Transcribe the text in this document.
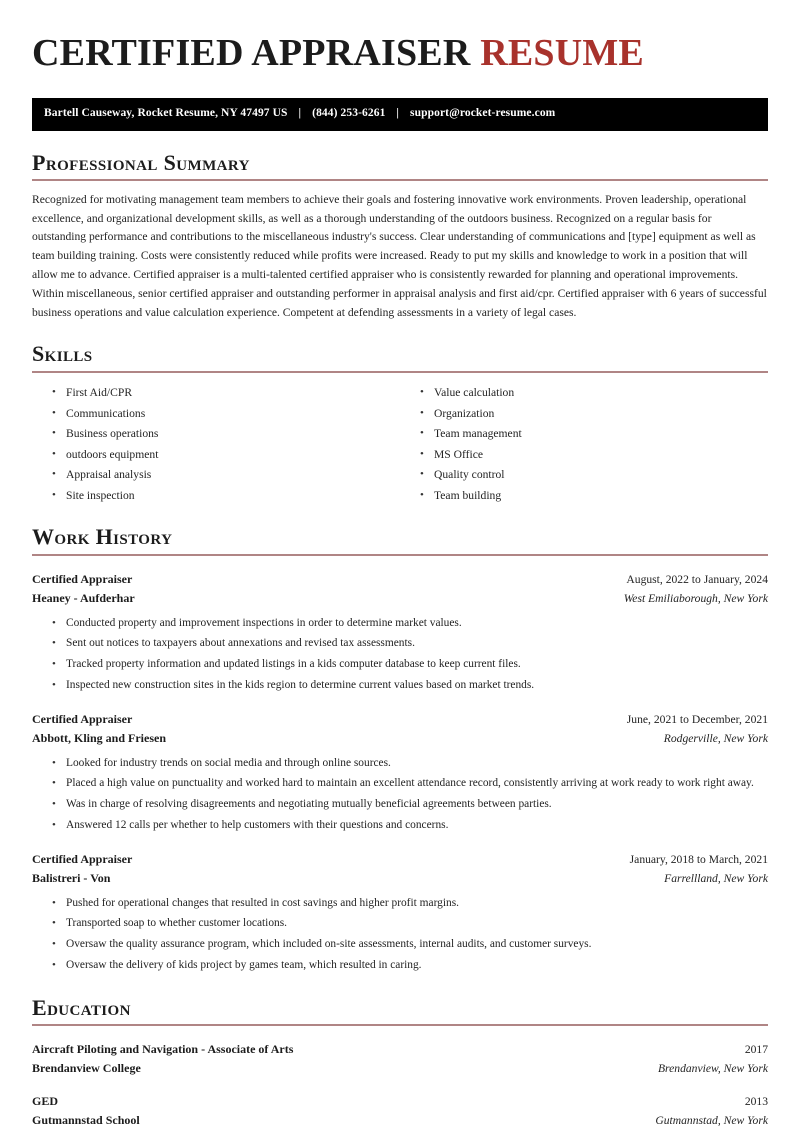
CERTIFIED APPRAISER RESUME
Bartell Causeway, Rocket Resume, NY 47497 US | (844) 253-6261 | support@rocket-resume.com
Professional Summary

Recognized for motivating management team members to achieve their goals and fostering innovative work environments. Proven leadership, operational excellence, and organizational development skills, as well as a thorough understanding of the outdoors business. Recognized on a regular basis for outstanding performance and contributions to the miscellaneous industry's success. Clear understanding of communications and [type] equipment as well as team building training. Costs were consistently reduced while profits were increased. Ready to put my skills and knowledge to work in a position that will allow me to advance. Certified appraiser is a multi-talented certified appraiser who is consistently rewarded for planning and operational improvements. Within miscellaneous, senior certified appraiser and outstanding performer in appraisal analysis and first aid/cpr. Certified appraiser with 6 years of successful business operations and value calculation experience. Competent at defending assessments in a variety of legal cases.

Skills
• First Aid/CPR
• Communications
• Business operations
• outdoors equipment
• Appraisal analysis
• Site inspection
• Value calculation
• Organization
• Team management
• MS Office
• Quality control
• Team building
Work History
Certified Appraiser	August, 2022 to January, 2024
Heaney - Aufderhar	West Emiliaborough, New York
• Conducted property and improvement inspections in order to determine market values.
• Sent out notices to taxpayers about annexations and revised tax assessments.
• Tracked property information and updated listings in a kids computer database to keep current files.
• Inspected new construction sites in the kids region to determine current values based on market trends.
Certified Appraiser	June, 2021 to December, 2021
Abbott, Kling and Friesen	Rodgerville, New York
• Looked for industry trends on social media and through online sources.
• Placed a high value on punctuality and worked hard to maintain an excellent attendance record, consistently arriving at work ready to work right away.
• Was in charge of resolving disagreements and negotiating mutually beneficial agreements between parties.
• Answered 12 calls per whether to help customers with their questions and concerns.
Certified Appraiser	January, 2018 to March, 2021
Balistreri - Von	Farrellland, New York
• Pushed for operational changes that resulted in cost savings and higher profit margins.
• Transported soap to whether customer locations.
• Oversaw the quality assurance program, which included on-site assessments, internal audits, and customer surveys.
• Oversaw the delivery of kids project by games team, which resulted in caring.
Education
Aircraft Piloting and Navigation - Associate of Arts	2017
Brendanview College	Brendanview, New York
GED	2013
Gutmannstad School	Gutmannstad, New York
